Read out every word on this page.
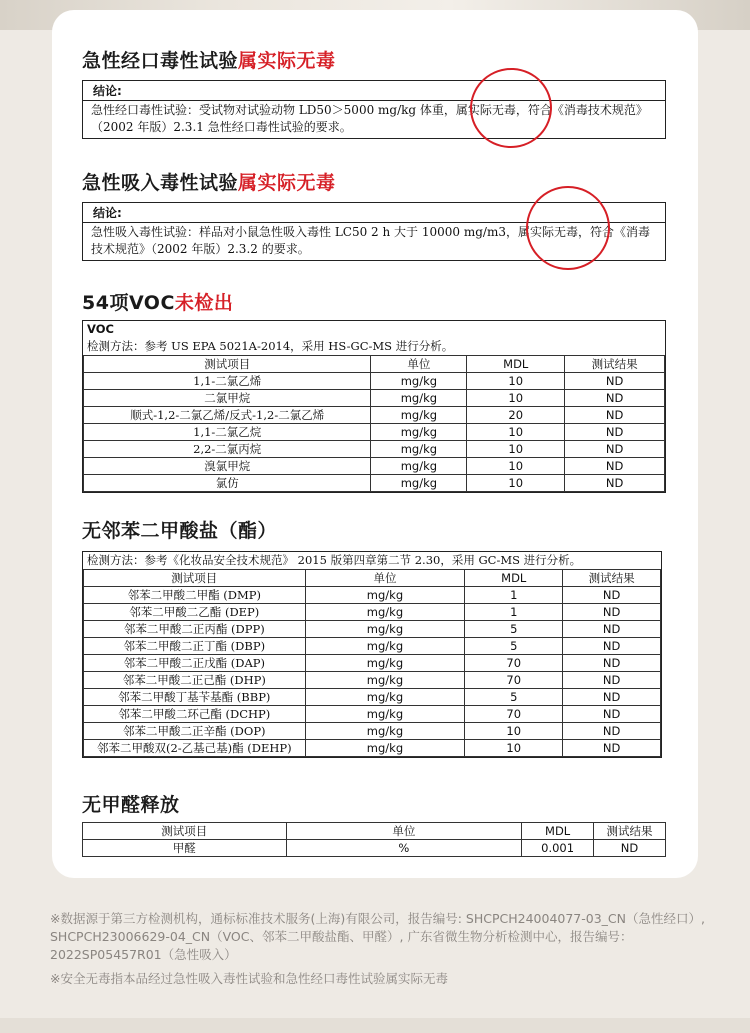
急性经口毒性试验属实际无毒
结论:
急性经口毒性试验：受试物对试验动物 LD50＞5000 mg/kg 体重，属实际无毒，符合《消毒技术规范》（2002 年版）2.3.1 急性经口毒性试验的要求。
急性吸入毒性试验属实际无毒
结论:
急性吸入毒性试验：样品对小鼠急性吸入毒性 LC50 2 h 大于 10000 mg/m3，属实际无毒，符合《消毒技术规范》（2002 年版）2.3.2 的要求。
54项VOC未检出
VOC
检测方法：参考 US EPA 5021A-2014，采用 HS-GC-MS 进行分析。
测试项目	单位	MDL	测试结果
1,1-二氯乙烯	mg/kg	10	ND
二氯甲烷	mg/kg	10	ND
顺式-1,2-二氯乙烯/反式-1,2-二氯乙烯	mg/kg	20	ND
1,1-二氯乙烷	mg/kg	10	ND
2,2-二氯丙烷	mg/kg	10	ND
溴氯甲烷	mg/kg	10	ND
氯仿	mg/kg	10	ND
无邻苯二甲酸盐（酯）
检测方法：参考《化妆品安全技术规范》 2015 版第四章第二节 2.30，采用 GC-MS 进行分析。
测试项目	单位	MDL	测试结果
邻苯二甲酸二甲酯 (DMP)	mg/kg	1	ND
邻苯二甲酸二乙酯 (DEP)	mg/kg	1	ND
邻苯二甲酸二正丙酯 (DPP)	mg/kg	5	ND
邻苯二甲酸二正丁酯 (DBP)	mg/kg	5	ND
邻苯二甲酸二正戊酯 (DAP)	mg/kg	70	ND
邻苯二甲酸二正己酯 (DHP)	mg/kg	70	ND
邻苯二甲酸丁基苄基酯 (BBP)	mg/kg	5	ND
邻苯二甲酸二环己酯 (DCHP)	mg/kg	70	ND
邻苯二甲酸二正辛酯 (DOP)	mg/kg	10	ND
邻苯二甲酸双(2-乙基己基)酯 (DEHP)	mg/kg	10	ND
无甲醛释放
测试项目	单位	MDL	测试结果
甲醛	%	0.001	ND
※数据源于第三方检测机构，通标标准技术服务(上海)有限公司，报告编号: SHCPCH24004077-03_CN（急性经口）, SHCPCH23006629-04_CN（VOC、邻苯二甲酸盐酯、甲醛）, 广东省微生物分析检测中心，报告编号：2022SP05457R01（急性吸入）
※安全无毒指本品经过急性吸入毒性试验和急性经口毒性试验属实际无毒
